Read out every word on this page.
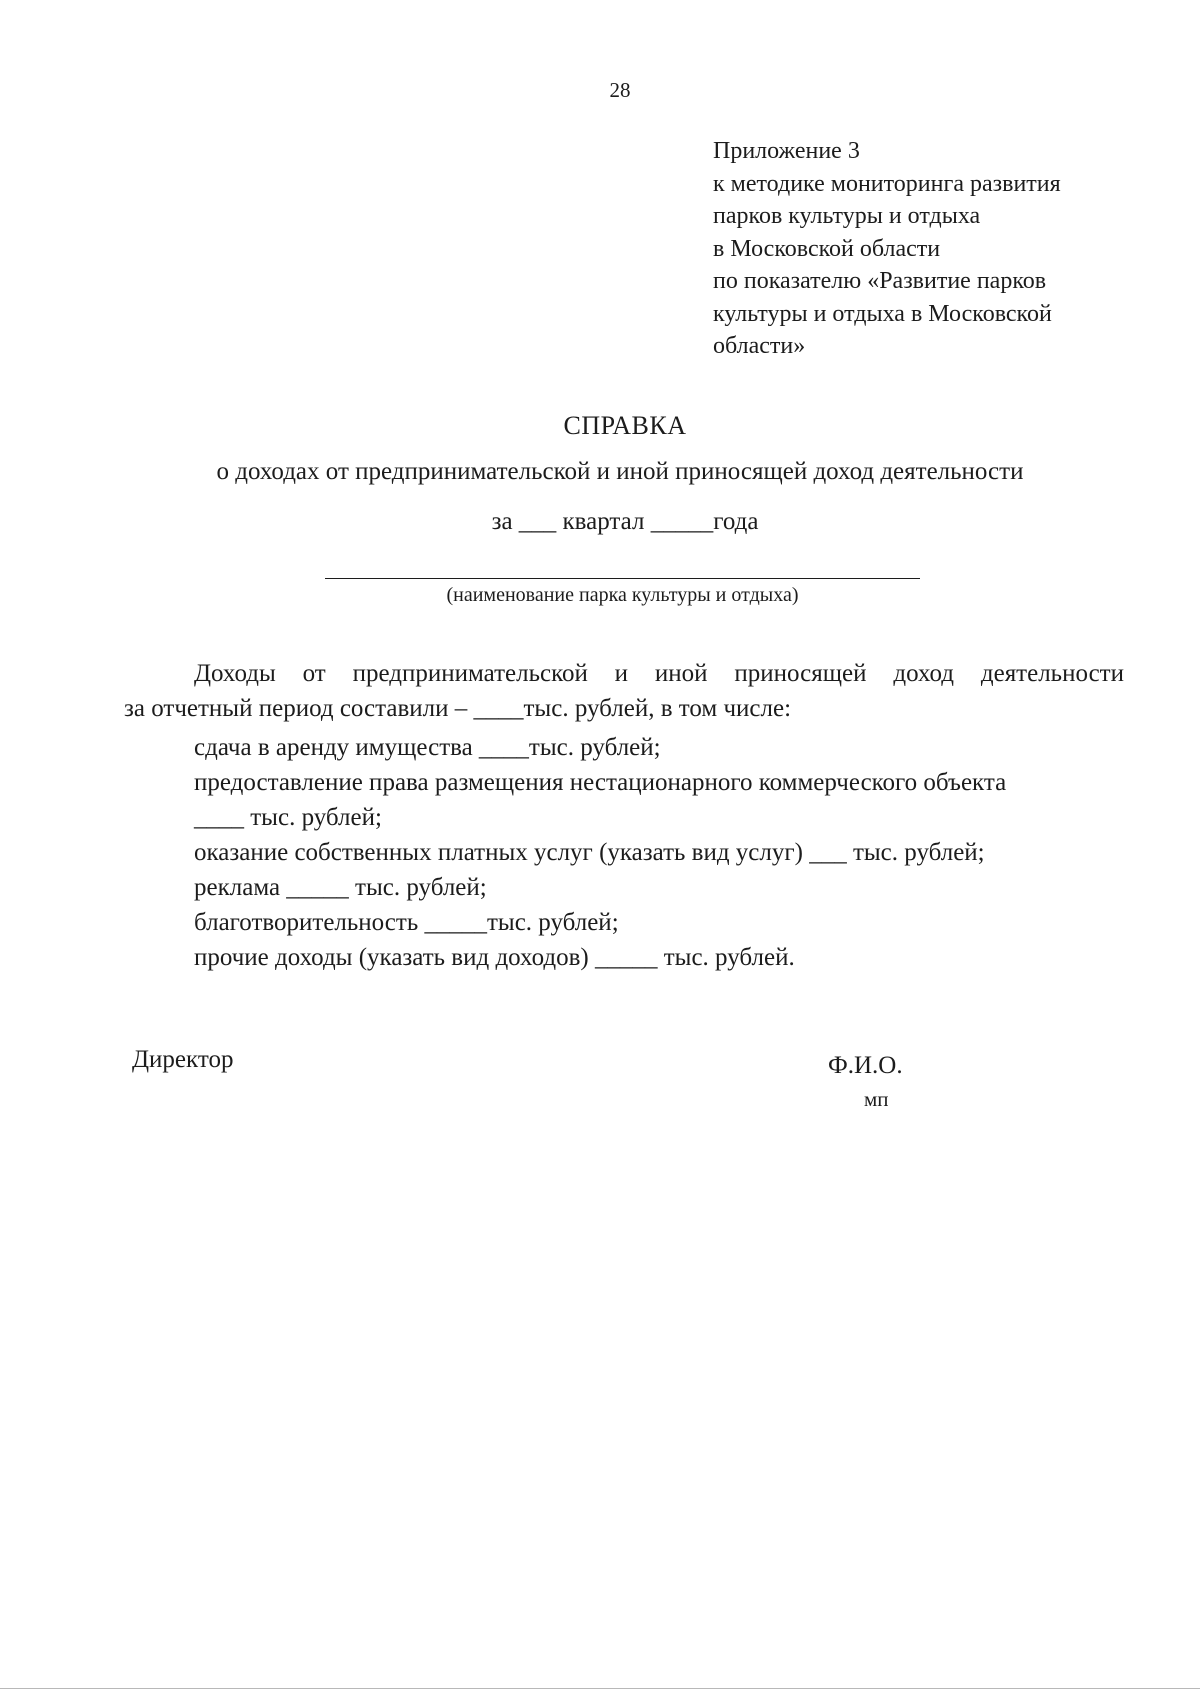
28
Приложение 3
к методике мониторинга развития
парков культуры и отдыха
в Московской области
по показателю «Развитие парков
культуры и отдыха в Московской
области»
СПРАВКА
о доходах от предпринимательской и иной приносящей доход деятельности
за ___ квартал _____года
(наименование парка культуры и отдыха)
Доходы от предпринимательской и иной приносящей доход деятельности
за отчетный период составили – ____тыс. рублей, в том числе:
сдача в аренду имущества ____тыс. рублей;
предоставление права размещения нестационарного коммерческого объекта
____ тыс. рублей;
оказание собственных платных услуг (указать вид услуг) ___ тыс. рублей;
реклама _____ тыс. рублей;
благотворительность _____тыс. рублей;
прочие доходы (указать вид доходов) _____ тыс. рублей.
Директор	Ф.И.О.
мп
